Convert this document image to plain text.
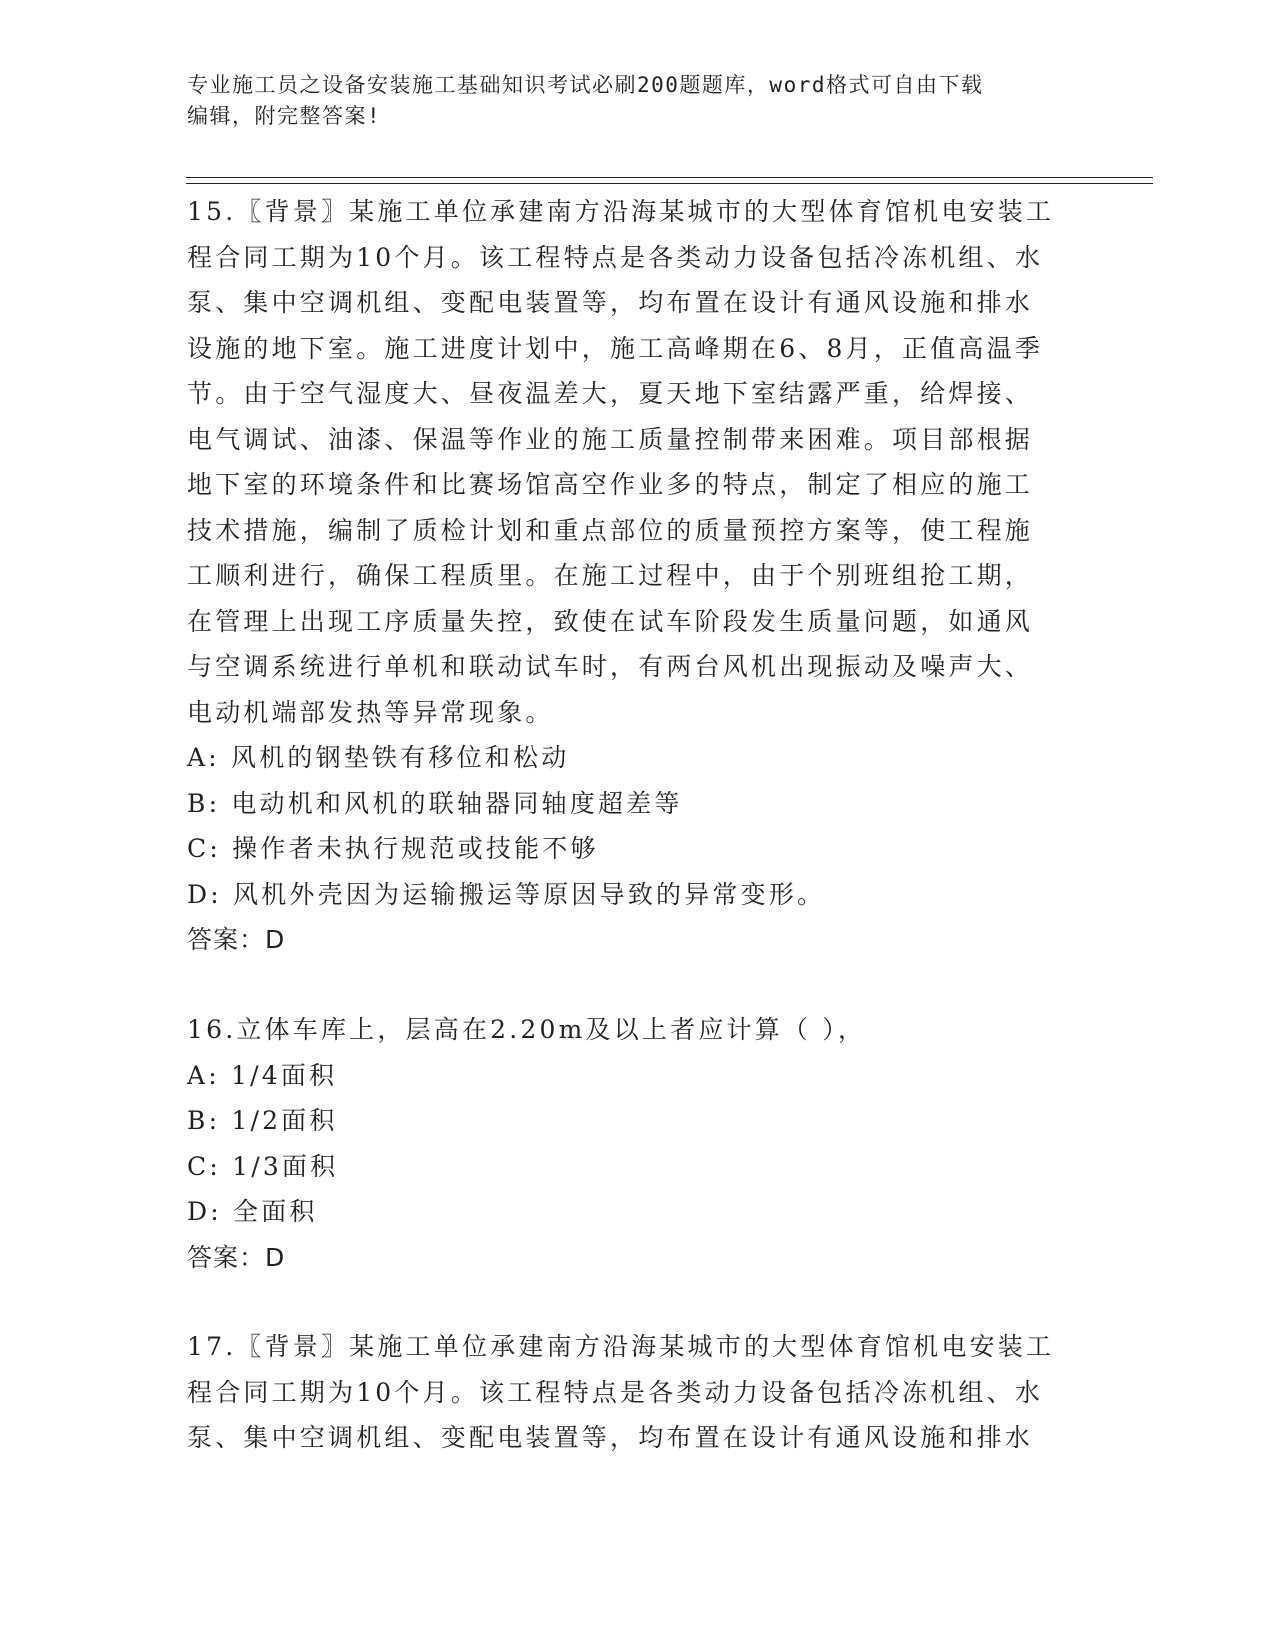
专业施工员之设备安装施工基础知识考试必刷200题题库，word格式可自由下载
编辑，附完整答案!
15.〖背景〗某施工单位承建南方沿海某城市的大型体育馆机电安装工
程合同工期为10个月。该工程特点是各类动力设备包括冷冻机组、水
泵、集中空调机组、变配电装置等，均布置在设计有通风设施和排水
设施的地下室。施工进度计划中，施工高峰期在6、8月，正值高温季
节。由于空气湿度大、昼夜温差大，夏天地下室结露严重，给焊接、
电气调试、油漆、保温等作业的施工质量控制带来困难。项目部根据
地下室的环境条件和比赛场馆高空作业多的特点，制定了相应的施工
技术措施，编制了质检计划和重点部位的质量预控方案等，使工程施
工顺利进行，确保工程质里。在施工过程中，由于个别班组抢工期，
在管理上出现工序质量失控，致使在试车阶段发生质量问题，如通风
与空调系统进行单机和联动试车时，有两台风机出现振动及噪声大、
电动机端部发热等异常现象。
A: 风机的钢垫铁有移位和松动
B: 电动机和风机的联轴器同轴度超差等
C: 操作者未执行规范或技能不够
D: 风机外壳因为运输搬运等原因导致的异常变形。
答案：D
16.立体车库上，层高在2.20m及以上者应计算（ ），
A: 1/4面积
B: 1/2面积
C: 1/3面积
D: 全面积
答案：D
17.〖背景〗某施工单位承建南方沿海某城市的大型体育馆机电安装工
程合同工期为10个月。该工程特点是各类动力设备包括冷冻机组、水
泵、集中空调机组、变配电装置等，均布置在设计有通风设施和排水
